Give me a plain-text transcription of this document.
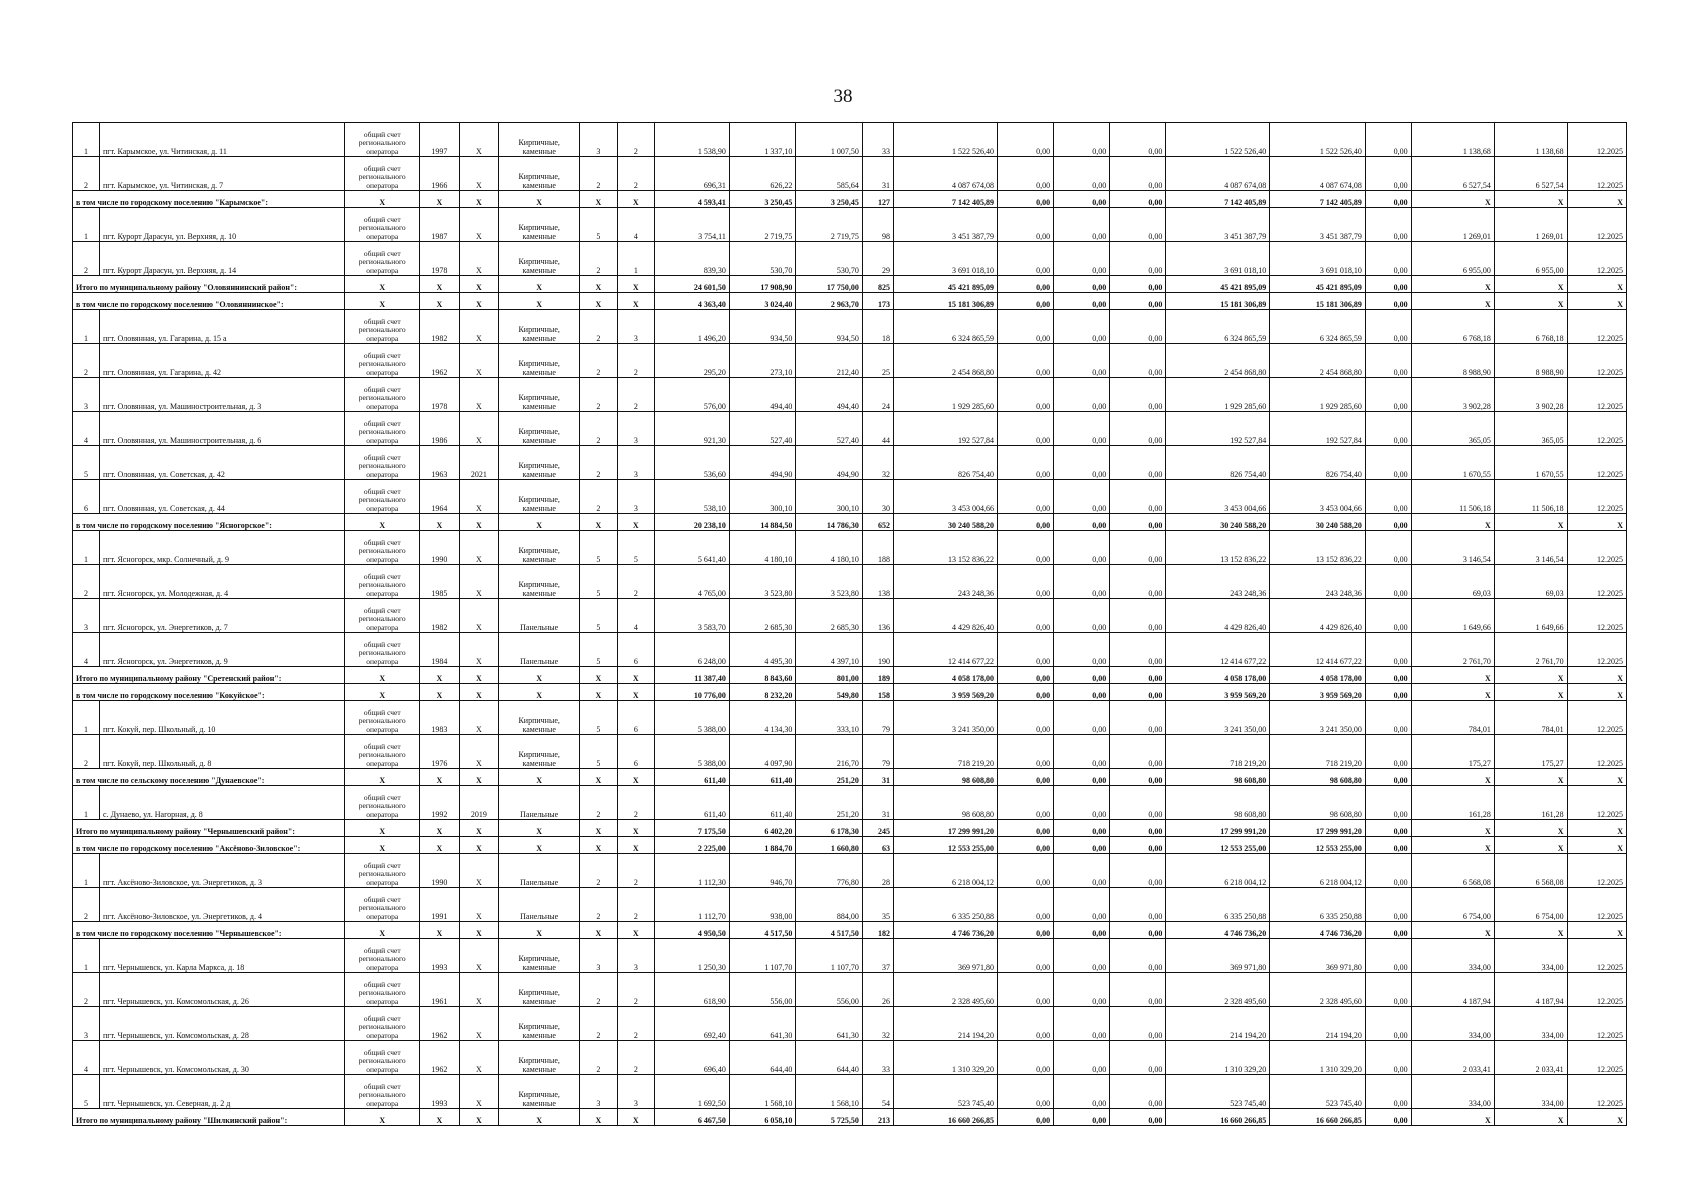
38
1	пгт. Карымское, ул. Читинская, д. 11	общий счет регионального оператора	1997	X	Кирпичные, каменные	3	2	1 538,90	1 337,10	1 007,50	33	1 522 526,40	0,00	0,00	0,00	1 522 526,40	1 522 526,40	0,00	1 138,68	1 138,68	12.2025
2	пгт. Карымское, ул. Читинская, д. 7	общий счет регионального оператора	1966	X	Кирпичные, каменные	2	2	696,31	626,22	585,64	31	4 087 674,08	0,00	0,00	0,00	4 087 674,08	4 087 674,08	0,00	6 527,54	6 527,54	12.2025
в том числе по городскому поселению "Карымское":		X	X	X	X	X	X	4 593,41	3 250,45	3 250,45	127	7 142 405,89	0,00	0,00	0,00	7 142 405,89	7 142 405,89	0,00	X	X	X
1	пгт. Курорт Дарасун, ул. Верхняя, д. 10	общий счет регионального оператора	1987	X	Кирпичные, каменные	5	4	3 754,11	2 719,75	2 719,75	98	3 451 387,79	0,00	0,00	0,00	3 451 387,79	3 451 387,79	0,00	1 269,01	1 269,01	12.2025
2	пгт. Курорт Дарасун, ул. Верхняя, д. 14	общий счет регионального оператора	1978	X	Кирпичные, каменные	2	1	839,30	530,70	530,70	29	3 691 018,10	0,00	0,00	0,00	3 691 018,10	3 691 018,10	0,00	6 955,00	6 955,00	12.2025
Итого по муниципальному району "Оловяннинский район":		X	X	X	X	X	X	24 601,50	17 908,90	17 750,00	825	45 421 895,09	0,00	0,00	0,00	45 421 895,09	45 421 895,09	0,00	X	X	X
в том числе по городскому поселению "Оловяннинское":		X	X	X	X	X	X	4 363,40	3 024,40	2 963,70	173	15 181 306,89	0,00	0,00	0,00	15 181 306,89	15 181 306,89	0,00	X	X	X
1	пгт. Оловянная, ул. Гагарина, д. 15 а	общий счет регионального оператора	1982	X	Кирпичные, каменные	2	3	1 496,20	934,50	934,50	18	6 324 865,59	0,00	0,00	0,00	6 324 865,59	6 324 865,59	0,00	6 768,18	6 768,18	12.2025
2	пгт. Оловянная, ул. Гагарина, д. 42	общий счет регионального оператора	1962	X	Кирпичные, каменные	2	2	295,20	273,10	212,40	25	2 454 868,80	0,00	0,00	0,00	2 454 868,80	2 454 868,80	0,00	8 988,90	8 988,90	12.2025
3	пгт. Оловянная, ул. Машиностроительная, д. 3	общий счет регионального оператора	1978	X	Кирпичные, каменные	2	2	576,00	494,40	494,40	24	1 929 285,60	0,00	0,00	0,00	1 929 285,60	1 929 285,60	0,00	3 902,28	3 902,28	12.2025
4	пгт. Оловянная, ул. Машиностроительная, д. 6	общий счет регионального оператора	1986	X	Кирпичные, каменные	2	3	921,30	527,40	527,40	44	192 527,84	0,00	0,00	0,00	192 527,84	192 527,84	0,00	365,05	365,05	12.2025
5	пгт. Оловянная, ул. Советская, д. 42	общий счет регионального оператора	1963	2021	Кирпичные, каменные	2	3	536,60	494,90	494,90	32	826 754,40	0,00	0,00	0,00	826 754,40	826 754,40	0,00	1 670,55	1 670,55	12.2025
6	пгт. Оловянная, ул. Советская, д. 44	общий счет регионального оператора	1964	X	Кирпичные, каменные	2	3	538,10	300,10	300,10	30	3 453 004,66	0,00	0,00	0,00	3 453 004,66	3 453 004,66	0,00	11 506,18	11 506,18	12.2025
в том числе по городскому поселению "Ясногорское":		X	X	X	X	X	X	20 238,10	14 884,50	14 786,30	652	30 240 588,20	0,00	0,00	0,00	30 240 588,20	30 240 588,20	0,00	X	X	X
1	пгт. Ясногорск, мкр. Солнечный, д. 9	общий счет регионального оператора	1990	X	Кирпичные, каменные	5	5	5 641,40	4 180,10	4 180,10	188	13 152 836,22	0,00	0,00	0,00	13 152 836,22	13 152 836,22	0,00	3 146,54	3 146,54	12.2025
2	пгт. Ясногорск, ул. Молодежная, д. 4	общий счет регионального оператора	1985	X	Кирпичные, каменные	5	2	4 765,00	3 523,80	3 523,80	138	243 248,36	0,00	0,00	0,00	243 248,36	243 248,36	0,00	69,03	69,03	12.2025
3	пгт. Ясногорск, ул. Энергетиков, д. 7	общий счет регионального оператора	1982	X	Панельные	5	4	3 583,70	2 685,30	2 685,30	136	4 429 826,40	0,00	0,00	0,00	4 429 826,40	4 429 826,40	0,00	1 649,66	1 649,66	12.2025
4	пгт. Ясногорск, ул. Энергетиков, д. 9	общий счет регионального оператора	1984	X	Панельные	5	6	6 248,00	4 495,30	4 397,10	190	12 414 677,22	0,00	0,00	0,00	12 414 677,22	12 414 677,22	0,00	2 761,70	2 761,70	12.2025
Итого по муниципальному району "Сретенский район":		X	X	X	X	X	X	11 387,40	8 843,60	801,00	189	4 058 178,00	0,00	0,00	0,00	4 058 178,00	4 058 178,00	0,00	X	X	X
в том числе по городскому поселению "Кокуйское":		X	X	X	X	X	X	10 776,00	8 232,20	549,80	158	3 959 569,20	0,00	0,00	0,00	3 959 569,20	3 959 569,20	0,00	X	X	X
1	пгт. Кокуй, пер. Школьный, д. 10	общий счет регионального оператора	1983	X	Кирпичные, каменные	5	6	5 388,00	4 134,30	333,10	79	3 241 350,00	0,00	0,00	0,00	3 241 350,00	3 241 350,00	0,00	784,01	784,01	12.2025
2	пгт. Кокуй, пер. Школьный, д. 8	общий счет регионального оператора	1976	X	Кирпичные, каменные	5	6	5 388,00	4 097,90	216,70	79	718 219,20	0,00	0,00	0,00	718 219,20	718 219,20	0,00	175,27	175,27	12.2025
в том числе по сельскому поселению "Дунаевское":		X	X	X	X	X	X	611,40	611,40	251,20	31	98 608,80	0,00	0,00	0,00	98 608,80	98 608,80	0,00	X	X	X
1	с. Дунаево, ул. Нагорная, д. 8	общий счет регионального оператора	1992	2019	Панельные	2	2	611,40	611,40	251,20	31	98 608,80	0,00	0,00	0,00	98 608,80	98 608,80	0,00	161,28	161,28	12.2025
Итого по муниципальному району "Чернышевский район":		X	X	X	X	X	X	7 175,50	6 402,20	6 178,30	245	17 299 991,20	0,00	0,00	0,00	17 299 991,20	17 299 991,20	0,00	X	X	X
в том числе по городскому поселению "Аксёново-Зиловское":		X	X	X	X	X	X	2 225,00	1 884,70	1 660,80	63	12 553 255,00	0,00	0,00	0,00	12 553 255,00	12 553 255,00	0,00	X	X	X
1	пгт. Аксёново-Зиловское, ул. Энергетиков, д. 3	общий счет регионального оператора	1990	X	Панельные	2	2	1 112,30	946,70	776,80	28	6 218 004,12	0,00	0,00	0,00	6 218 004,12	6 218 004,12	0,00	6 568,08	6 568,08	12.2025
2	пгт. Аксёново-Зиловское, ул. Энергетиков, д. 4	общий счет регионального оператора	1991	X	Панельные	2	2	1 112,70	938,00	884,00	35	6 335 250,88	0,00	0,00	0,00	6 335 250,88	6 335 250,88	0,00	6 754,00	6 754,00	12.2025
в том числе по городскому поселению "Чернышевское":		X	X	X	X	X	X	4 950,50	4 517,50	4 517,50	182	4 746 736,20	0,00	0,00	0,00	4 746 736,20	4 746 736,20	0,00	X	X	X
1	пгт. Чернышевск, ул. Карла Маркса, д. 18	общий счет регионального оператора	1993	X	Кирпичные, каменные	3	3	1 250,30	1 107,70	1 107,70	37	369 971,80	0,00	0,00	0,00	369 971,80	369 971,80	0,00	334,00	334,00	12.2025
2	пгт. Чернышевск, ул. Комсомольская, д. 26	общий счет регионального оператора	1961	X	Кирпичные, каменные	2	2	618,90	556,00	556,00	26	2 328 495,60	0,00	0,00	0,00	2 328 495,60	2 328 495,60	0,00	4 187,94	4 187,94	12.2025
3	пгт. Чернышевск, ул. Комсомольская, д. 28	общий счет регионального оператора	1962	X	Кирпичные, каменные	2	2	692,40	641,30	641,30	32	214 194,20	0,00	0,00	0,00	214 194,20	214 194,20	0,00	334,00	334,00	12.2025
4	пгт. Чернышевск, ул. Комсомольская, д. 30	общий счет регионального оператора	1962	X	Кирпичные, каменные	2	2	696,40	644,40	644,40	33	1 310 329,20	0,00	0,00	0,00	1 310 329,20	1 310 329,20	0,00	2 033,41	2 033,41	12.2025
5	пгт. Чернышевск, ул. Северная, д. 2 д	общий счет регионального оператора	1993	X	Кирпичные, каменные	3	3	1 692,50	1 568,10	1 568,10	54	523 745,40	0,00	0,00	0,00	523 745,40	523 745,40	0,00	334,00	334,00	12.2025
Итого по муниципальному району "Шилкинский район":		X	X	X	X	X	X	6 467,50	6 058,10	5 725,50	213	16 660 266,85	0,00	0,00	0,00	16 660 266,85	16 660 266,85	0,00	X	X	X
